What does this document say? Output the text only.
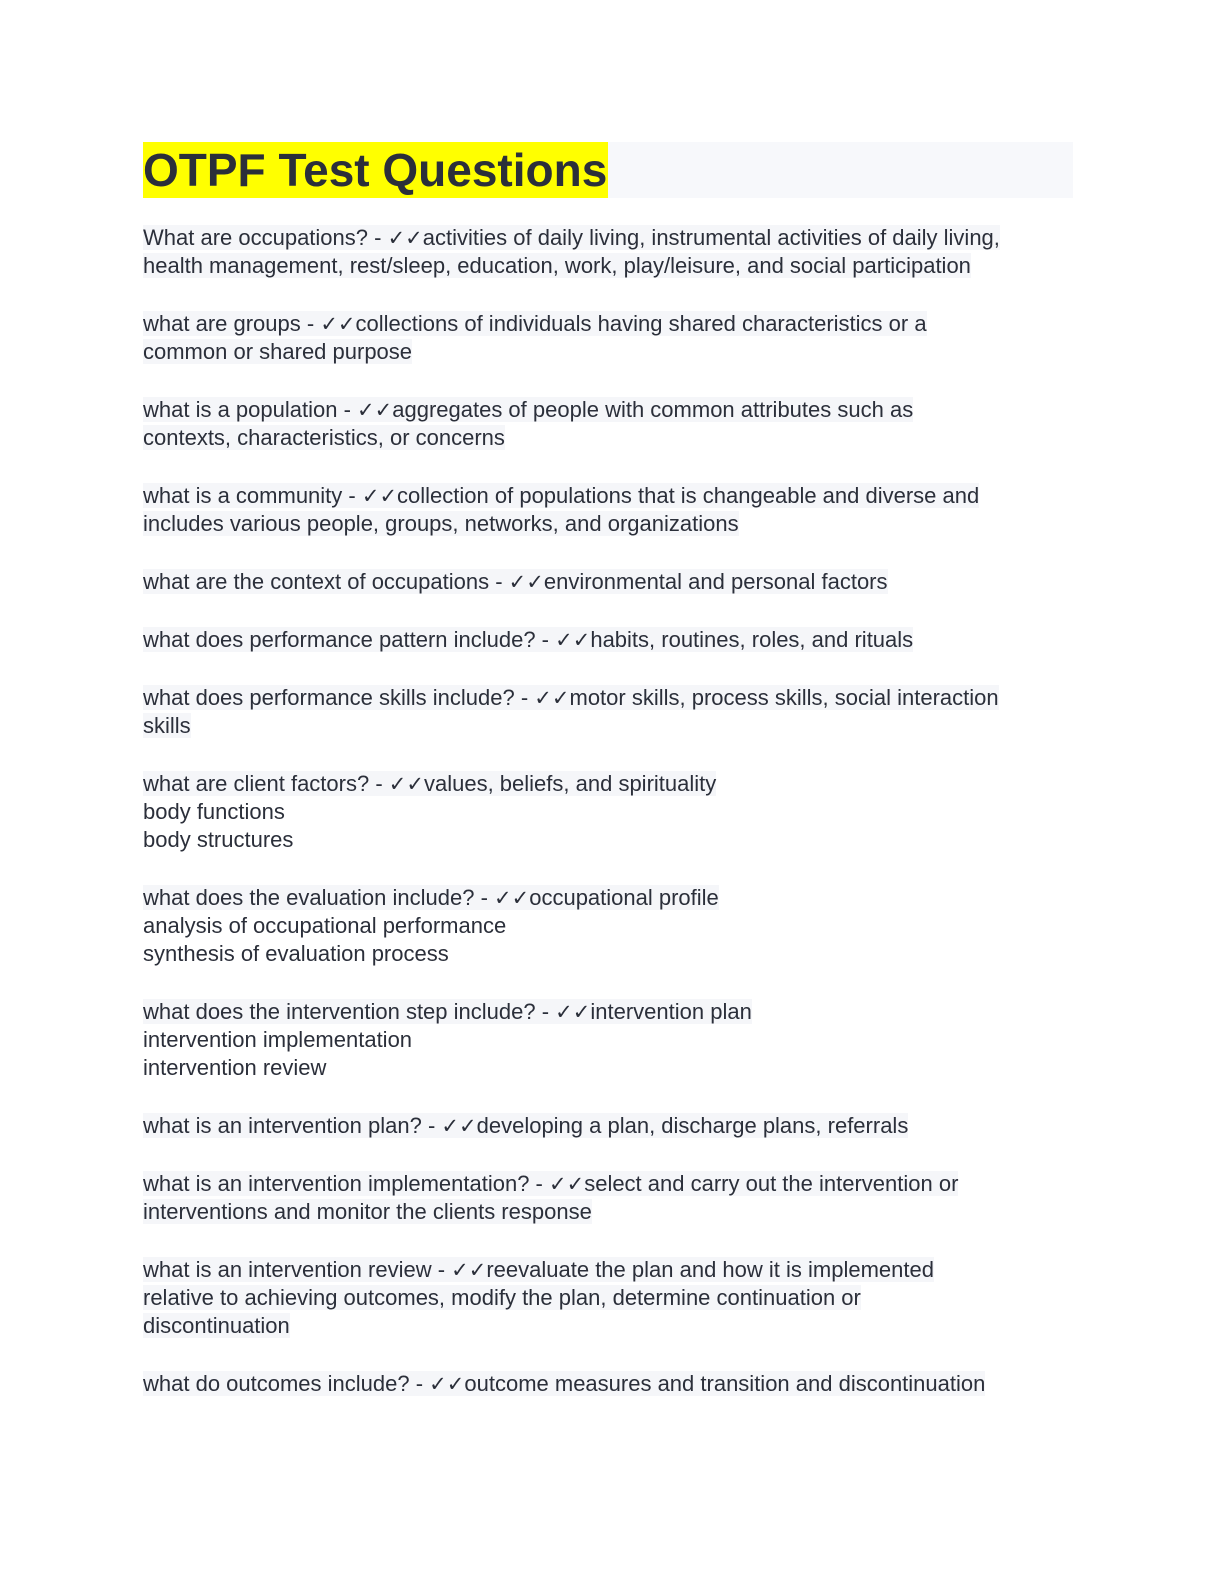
OTPF Test Questions
What are occupations? - ✓✓activities of daily living, instrumental activities of daily living,
health management, rest/sleep, education, work, play/leisure, and social participation
what are groups - ✓✓collections of individuals having shared characteristics or a
common or shared purpose
what is a population - ✓✓aggregates of people with common attributes such as
contexts, characteristics, or concerns
what is a community - ✓✓collection of populations that is changeable and diverse and
includes various people, groups, networks, and organizations
what are the context of occupations - ✓✓environmental and personal factors
what does performance pattern include? - ✓✓habits, routines, roles, and rituals
what does performance skills include? - ✓✓motor skills, process skills, social interaction
skills
what are client factors? - ✓✓values, beliefs, and spirituality
body functions
body structures
what does the evaluation include? - ✓✓occupational profile
analysis of occupational performance
synthesis of evaluation process
what does the intervention step include? - ✓✓intervention plan
intervention implementation
intervention review
what is an intervention plan? - ✓✓developing a plan, discharge plans, referrals
what is an intervention implementation? - ✓✓select and carry out the intervention or
interventions and monitor the clients response
what is an intervention review - ✓✓reevaluate the plan and how it is implemented
relative to achieving outcomes, modify the plan, determine continuation or
discontinuation
what do outcomes include? - ✓✓outcome measures and transition and discontinuation
